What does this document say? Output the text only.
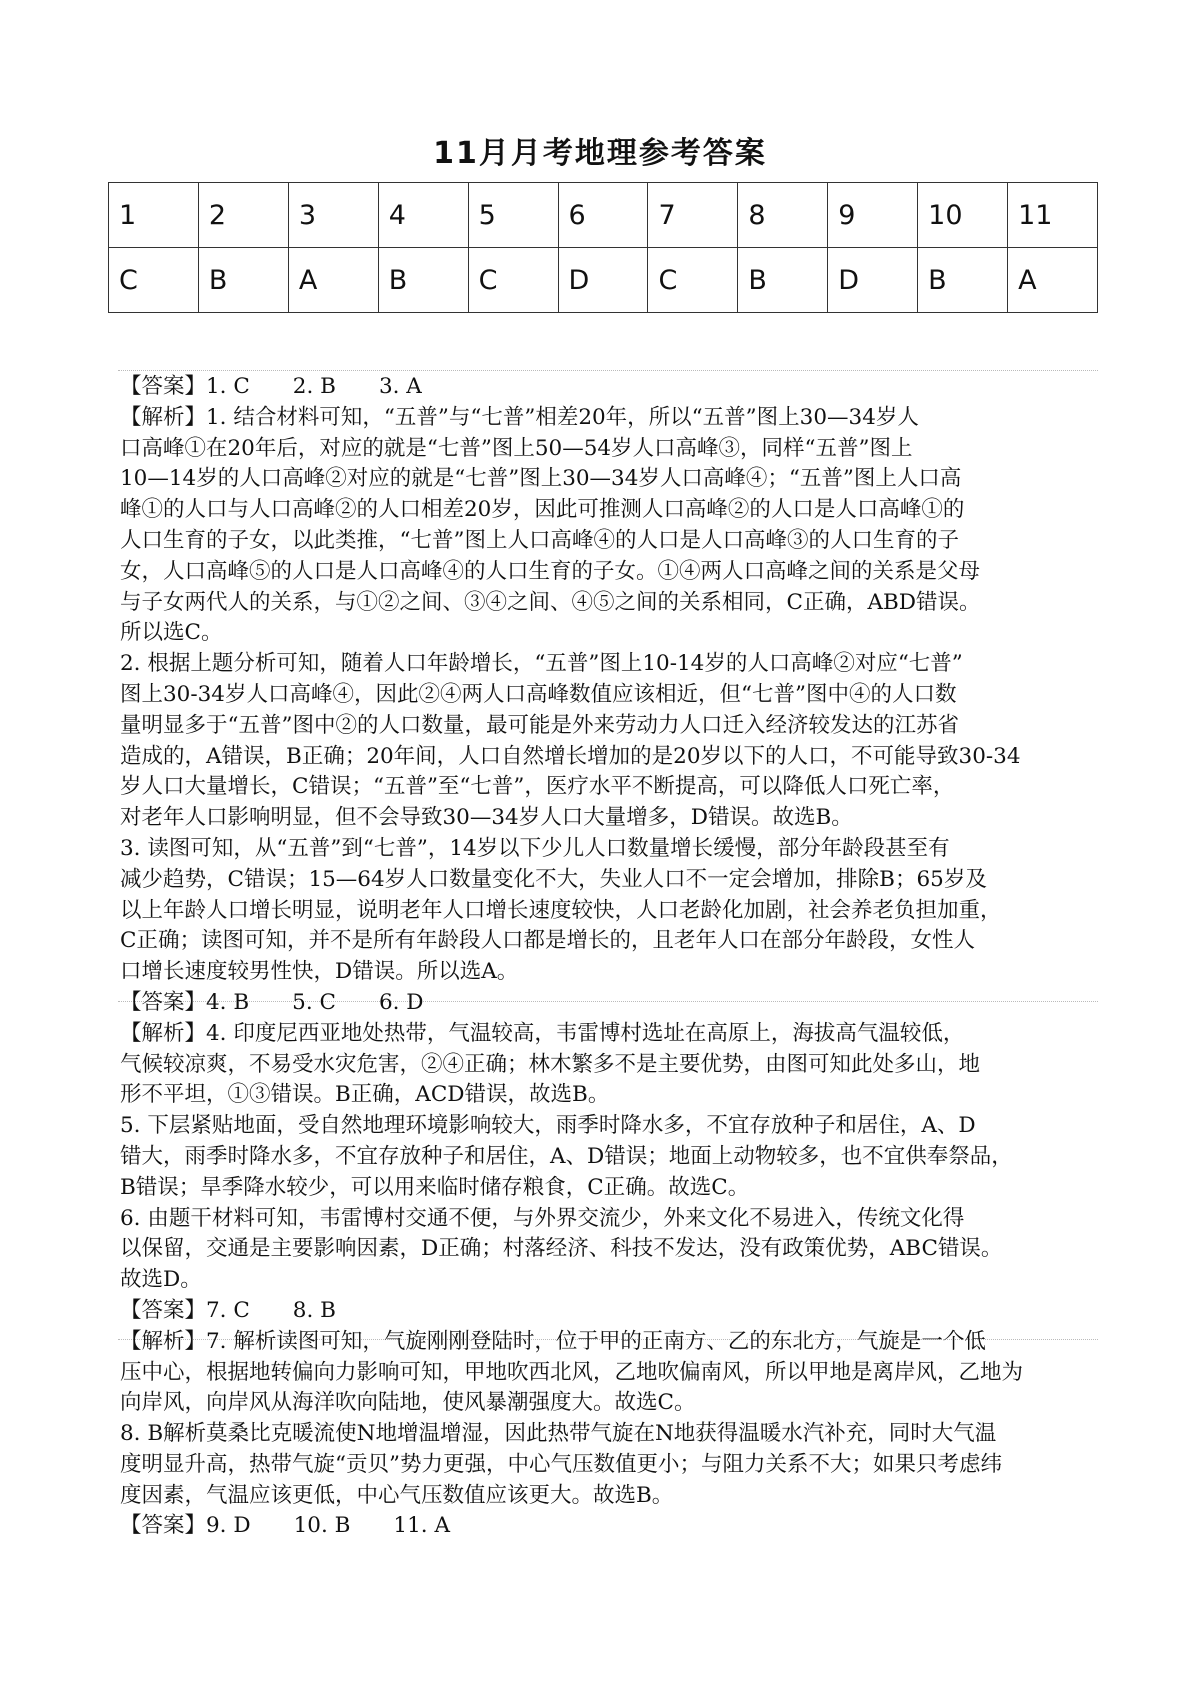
11月月考地理参考答案
1	2	3	4	5	6	7	8	9	10	11
C	B	A	B	C	D	C	B	D	B	A
【答案】1. C　　2. B　　3. A
【解析】1. 结合材料可知，“五普”与“七普”相差20年，所以“五普”图上30—34岁人
口高峰①在20年后，对应的就是“七普”图上50—54岁人口高峰③，同样“五普”图上
10—14岁的人口高峰②对应的就是“七普”图上30—34岁人口高峰④；“五普”图上人口高
峰①的人口与人口高峰②的人口相差20岁，因此可推测人口高峰②的人口是人口高峰①的
人口生育的子女，以此类推，“七普”图上人口高峰④的人口是人口高峰③的人口生育的子
女，人口高峰⑤的人口是人口高峰④的人口生育的子女。①④两人口高峰之间的关系是父母
与子女两代人的关系，与①②之间、③④之间、④⑤之间的关系相同，C正确，ABD错误。
所以选C。
2. 根据上题分析可知，随着人口年龄增长，“五普”图上10-14岁的人口高峰②对应“七普”
图上30-34岁人口高峰④，因此②④两人口高峰数值应该相近，但“七普”图中④的人口数
量明显多于“五普”图中②的人口数量，最可能是外来劳动力人口迁入经济较发达的江苏省
造成的，A错误，B正确；20年间，人口自然增长增加的是20岁以下的人口，不可能导致30-34
岁人口大量增长，C错误；“五普”至“七普”，医疗水平不断提高，可以降低人口死亡率，
对老年人口影响明显，但不会导致30—34岁人口大量增多，D错误。故选B。
3. 读图可知，从“五普”到“七普”，14岁以下少儿人口数量增长缓慢，部分年龄段甚至有
减少趋势，C错误；15—64岁人口数量变化不大，失业人口不一定会增加，排除B；65岁及
以上年龄人口增长明显，说明老年人口增长速度较快，人口老龄化加剧，社会养老负担加重，
C正确；读图可知，并不是所有年龄段人口都是增长的，且老年人口在部分年龄段，女性人
口增长速度较男性快，D错误。所以选A。
【答案】4. B　　5. C　　6. D
【解析】4. 印度尼西亚地处热带，气温较高，韦雷博村选址在高原上，海拔高气温较低，
气候较凉爽，不易受水灾危害，②④正确；林木繁多不是主要优势，由图可知此处多山，地
形不平坦，①③错误。B正确，ACD错误，故选B。
5. 下层紧贴地面，受自然地理环境影响较大，雨季时降水多，不宜存放种子和居住，A、D
错大，雨季时降水多，不宜存放种子和居住，A、D错误；地面上动物较多，也不宜供奉祭品，
B错误；旱季降水较少，可以用来临时储存粮食，C正确。故选C。
6. 由题干材料可知，韦雷博村交通不便，与外界交流少，外来文化不易进入，传统文化得
以保留，交通是主要影响因素，D正确；村落经济、科技不发达，没有政策优势，ABC错误。
故选D。
【答案】7. C　　8. B
【解析】7. 解析读图可知，气旋刚刚登陆时，位于甲的正南方、乙的东北方，气旋是一个低
压中心，根据地转偏向力影响可知，甲地吹西北风，乙地吹偏南风，所以甲地是离岸风，乙地为
向岸风，向岸风从海洋吹向陆地，使风暴潮强度大。故选C。
8. B解析莫桑比克暖流使N地增温增湿，因此热带气旋在N地获得温暖水汽补充，同时大气温
度明显升高，热带气旋“贡贝”势力更强，中心气压数值更小；与阻力关系不大；如果只考虑纬
度因素，气温应该更低，中心气压数值应该更大。故选B。
【答案】9. D　　10. B　　11. A
